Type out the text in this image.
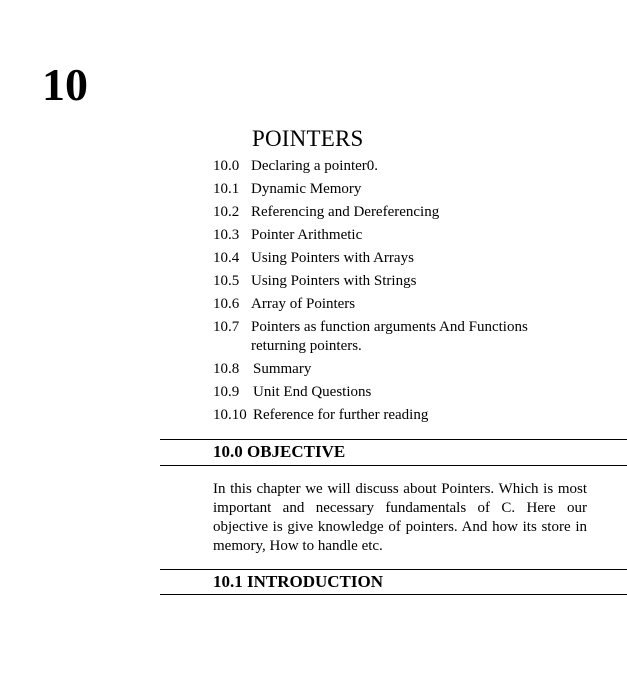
10
POINTERS
10.0 Declaring a pointer0.
10.1 Dynamic Memory
10.2 Referencing and Dereferencing
10.3 Pointer Arithmetic
10.4 Using Pointers with Arrays
10.5 Using Pointers with Strings
10.6 Array of Pointers
10.7 Pointers as function arguments And Functions returning pointers.
10.8 Summary
10.9 Unit End Questions
10.10 Reference for further reading
10.0 OBJECTIVE

In this chapter we will discuss about Pointers. Which is most important and necessary fundamentals of C. Here our objective is give knowledge of pointers. And how its store in memory, How to handle etc.

10.1 INTRODUCTION
